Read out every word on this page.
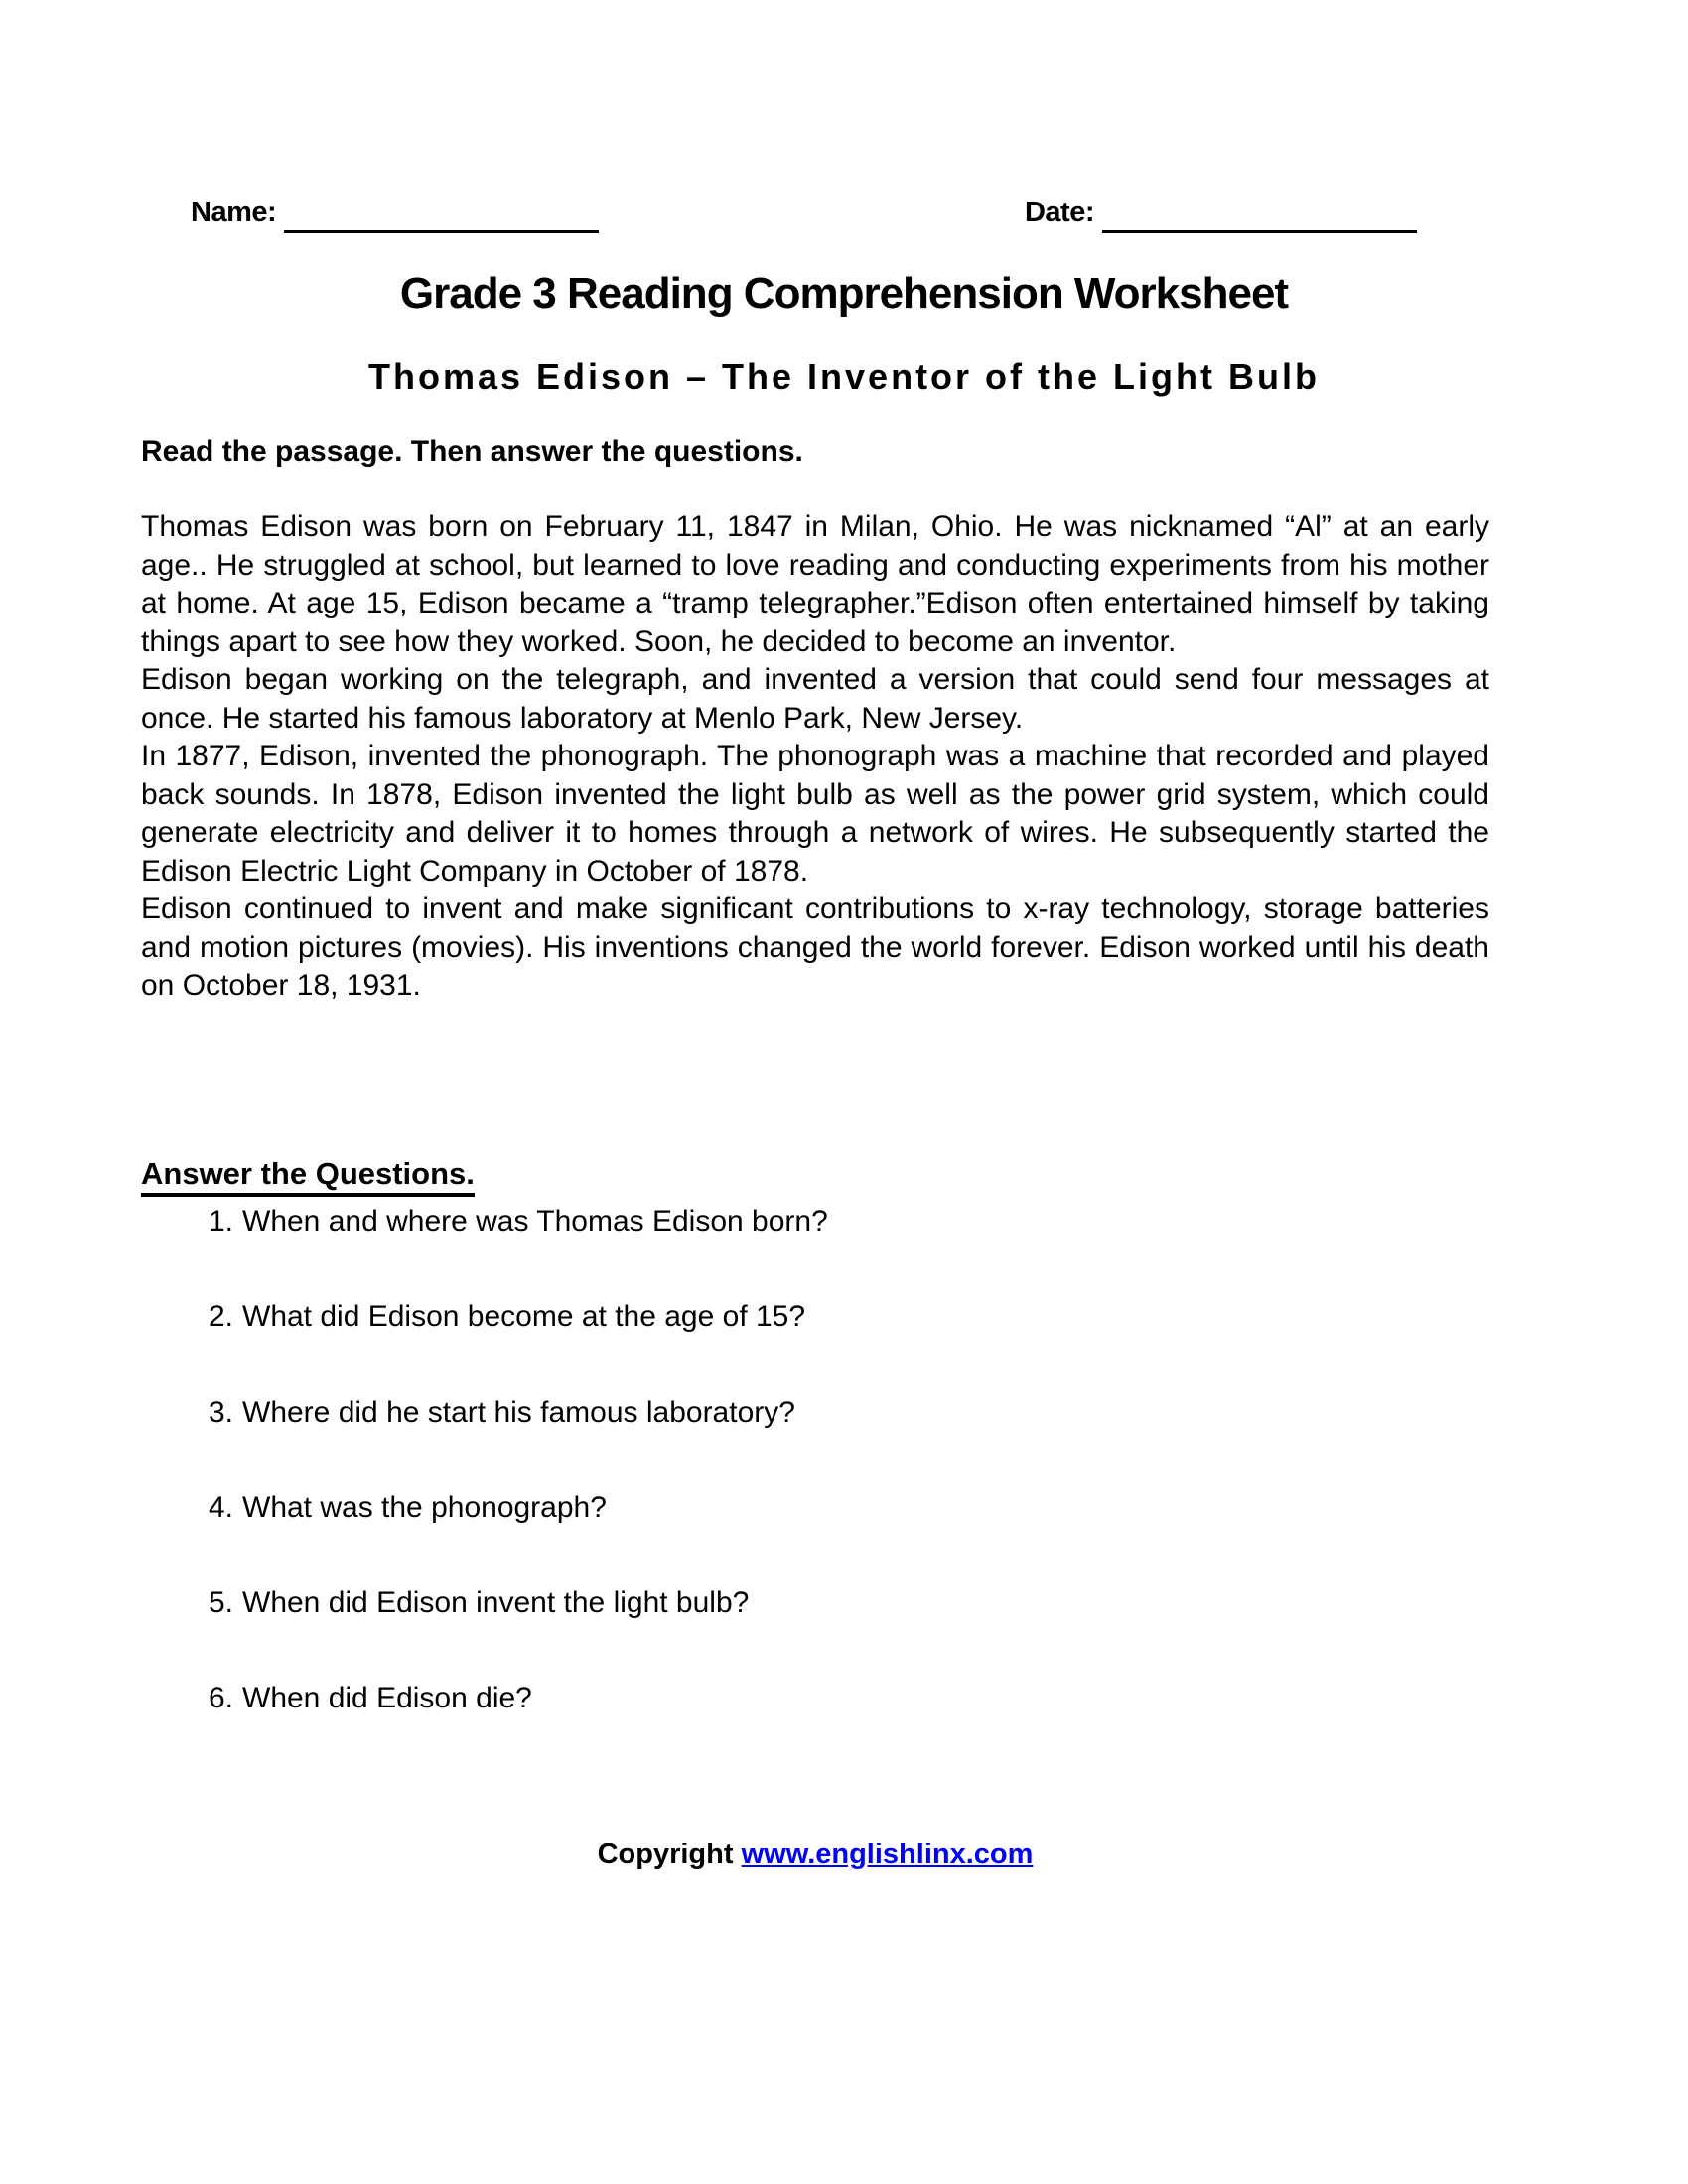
Name:	Date:
Grade 3 Reading Comprehension Worksheet
Thomas Edison – The Inventor of the Light Bulb
Read the passage. Then answer the questions.

Thomas Edison was born on February 11, 1847 in Milan, Ohio. He was nicknamed “Al” at an early age.. He struggled at school, but learned to love reading and conducting experiments from his mother at home. At age 15, Edison became a “tramp telegrapher.”Edison often entertained himself by taking things apart to see how they worked. Soon, he decided to become an inventor.

Edison began working on the telegraph, and invented a version that could send four messages at once. He started his famous laboratory at Menlo Park, New Jersey.

In 1877, Edison, invented the phonograph. The phonograph was a machine that recorded and played back sounds. In 1878, Edison invented the light bulb as well as the power grid system, which could generate electricity and deliver it to homes through a network of wires. He subsequently started the Edison Electric Light Company in October of 1878.

Edison continued to invent and make significant contributions to x-ray technology, storage batteries and motion pictures (movies). His inventions changed the world forever. Edison worked until his death on October 18, 1931.

Answer the Questions.
1. When and where was Thomas Edison born?
2. What did Edison become at the age of 15?
3. Where did he start his famous laboratory?
4. What was the phonograph?
5. When did Edison invent the light bulb?
6. When did Edison die?
Copyright www.englishlinx.com
